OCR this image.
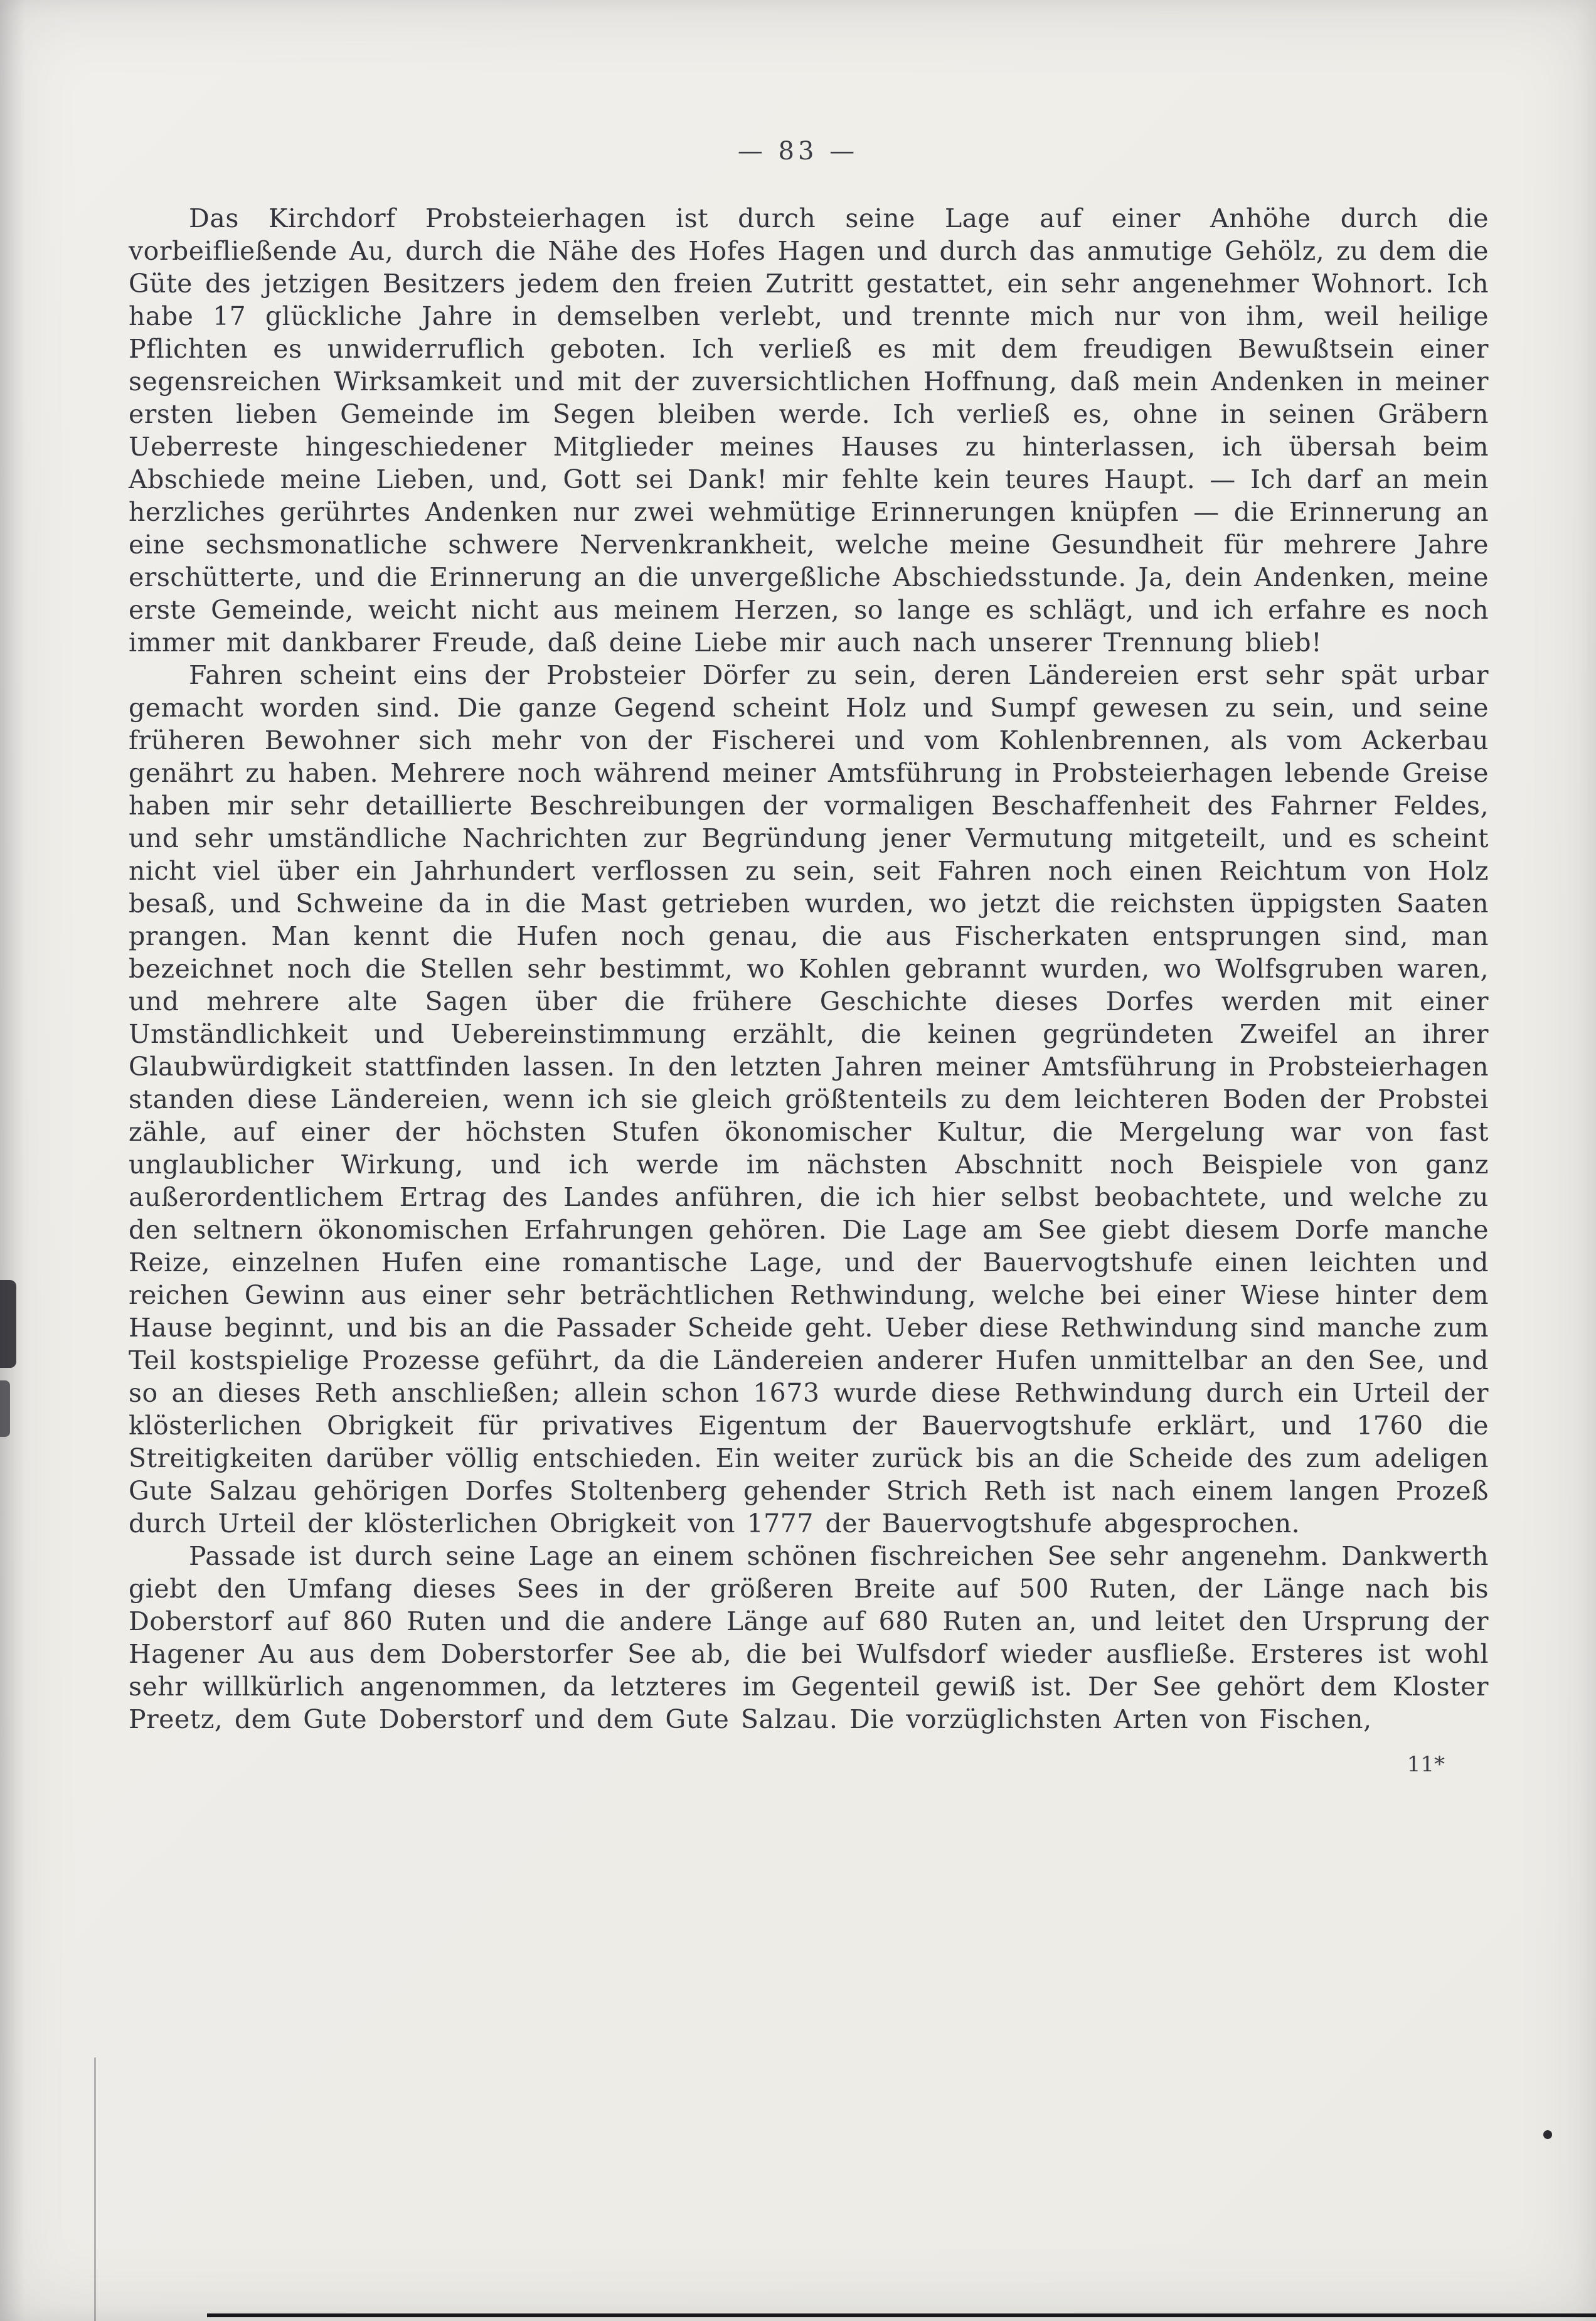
— 83 —

Das Kirchdorf Probsteierhagen ist durch seine Lage auf einer Anhöhe durch die vorbeifließende Au, durch die Nähe des Hofes Hagen und durch das anmutige Gehölz, zu dem die Güte des jetzigen Besitzers jedem den freien Zutritt gestattet, ein sehr angenehmer Wohnort. Ich habe 17 glückliche Jahre in demselben verlebt, und trennte mich nur von ihm, weil heilige Pflichten es unwiderruflich geboten. Ich verließ es mit dem freudigen Bewußtsein einer segensreichen Wirksamkeit und mit der zuversichtlichen Hoffnung, daß mein Andenken in meiner ersten lieben Gemeinde im Segen bleiben werde. Ich verließ es, ohne in seinen Gräbern Ueberreste hingeschiedener Mitglieder meines Hauses zu hinterlassen, ich übersah beim Abschiede meine Lieben, und, Gott sei Dank! mir fehlte kein teures Haupt. — Ich darf an mein herzliches gerührtes Andenken nur zwei wehmütige Erinnerungen knüpfen — die Erinnerung an eine sechsmonatliche schwere Nervenkrankheit, welche meine Gesundheit für mehrere Jahre erschütterte, und die Erinnerung an die unvergeßliche Abschiedsstunde. Ja, dein Andenken, meine erste Gemeinde, weicht nicht aus meinem Herzen, so lange es schlägt, und ich erfahre es noch immer mit dankbarer Freude, daß deine Liebe mir auch nach unserer Trennung blieb!

Fahren scheint eins der Probsteier Dörfer zu sein, deren Ländereien erst sehr spät urbar gemacht worden sind. Die ganze Gegend scheint Holz und Sumpf gewesen zu sein, und seine früheren Bewohner sich mehr von der Fischerei und vom Kohlenbrennen, als vom Ackerbau genährt zu haben. Mehrere noch während meiner Amtsführung in Probsteierhagen lebende Greise haben mir sehr detaillierte Beschreibungen der vormaligen Beschaffenheit des Fahrner Feldes, und sehr umständliche Nachrichten zur Begründung jener Vermutung mitgeteilt, und es scheint nicht viel über ein Jahrhundert verflossen zu sein, seit Fahren noch einen Reichtum von Holz besaß, und Schweine da in die Mast getrieben wurden, wo jetzt die reichsten üppigsten Saaten prangen. Man kennt die Hufen noch genau, die aus Fischerkaten entsprungen sind, man bezeichnet noch die Stellen sehr bestimmt, wo Kohlen gebrannt wurden, wo Wolfsgruben waren, und mehrere alte Sagen über die frühere Geschichte dieses Dorfes werden mit einer Umständlichkeit und Uebereinstimmung erzählt, die keinen gegründeten Zweifel an ihrer Glaubwürdigkeit stattfinden lassen. In den letzten Jahren meiner Amtsführung in Probsteierhagen standen diese Ländereien, wenn ich sie gleich größtenteils zu dem leichteren Boden der Probstei zähle, auf einer der höchsten Stufen ökonomischer Kultur, die Mergelung war von fast unglaublicher Wirkung, und ich werde im nächsten Abschnitt noch Beispiele von ganz außerordentlichem Ertrag des Landes anführen, die ich hier selbst beobachtete, und welche zu den seltnern ökonomischen Erfahrungen gehören. Die Lage am See giebt diesem Dorfe manche Reize, einzelnen Hufen eine romantische Lage, und der Bauervogtshufe einen leichten und reichen Gewinn aus einer sehr beträchtlichen Rethwindung, welche bei einer Wiese hinter dem Hause beginnt, und bis an die Passader Scheide geht. Ueber diese Rethwindung sind manche zum Teil kostspielige Prozesse geführt, da die Ländereien anderer Hufen unmittelbar an den See, und so an dieses Reth anschließen; allein schon 1673 wurde diese Rethwindung durch ein Urteil der klösterlichen Obrigkeit für privatives Eigentum der Bauervogtshufe erklärt, und 1760 die Streitigkeiten darüber völlig entschieden. Ein weiter zurück bis an die Scheide des zum adeligen Gute Salzau gehörigen Dorfes Stoltenberg gehender Strich Reth ist nach einem langen Prozeß durch Urteil der klösterlichen Obrigkeit von 1777 der Bauervogtshufe abgesprochen.

Passade ist durch seine Lage an einem schönen fischreichen See sehr angenehm. Dankwerth giebt den Umfang dieses Sees in der größeren Breite auf 500 Ruten, der Länge nach bis Doberstorf auf 860 Ruten und die andere Länge auf 680 Ruten an, und leitet den Ursprung der Hagener Au aus dem Doberstorfer See ab, die bei Wulfsdorf wieder ausfließe. Ersteres ist wohl sehr willkürlich angenommen, da letzteres im Gegenteil gewiß ist. Der See gehört dem Kloster Preetz, dem Gute Doberstorf und dem Gute Salzau. Die vorzüglichsten Arten von Fischen,

11*
